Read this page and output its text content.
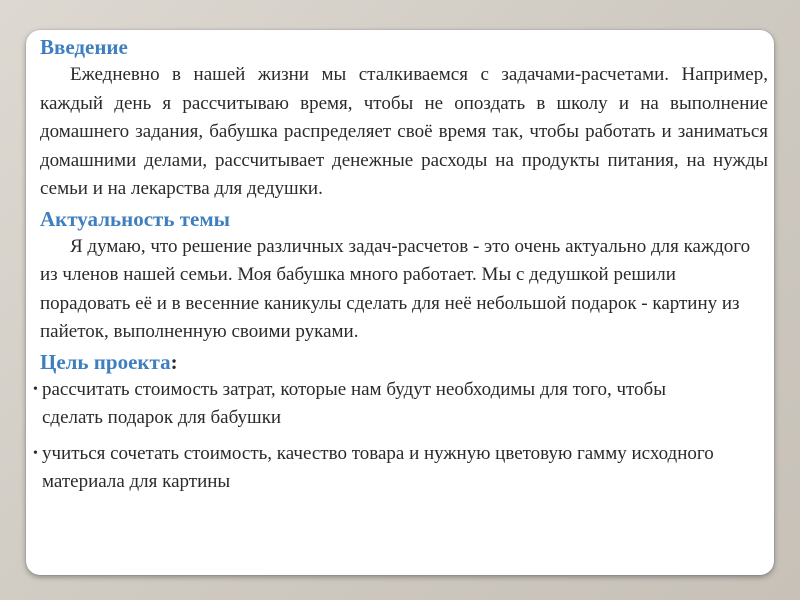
Введение

Ежедневно в нашей жизни мы сталкиваемся с задачами-расчетами. Например, каждый день я рассчитываю время, чтобы не опоздать в школу и на выполнение домашнего задания, бабушка распределяет своё время так, чтобы работать и заниматься домашними делами, рассчитывает денежные расходы на продукты питания, на нужды семьи и на лекарства для дедушки.

Актуальность темы

Я думаю, что решение различных задач-расчетов - это очень актуально для каждого из членов нашей семьи. Моя бабушка много работает. Мы с дедушкой решили порадовать её и в весенние каникулы сделать для неё небольшой подарок - картину из пайеток, выполненную своими руками.

Цель проекта:
• рассчитать стоимость затрат, которые нам будут необходимы для того, чтобы сделать подарок для бабушки
• учиться сочетать стоимость, качество товара и нужную цветовую гамму исходного материала для картины
